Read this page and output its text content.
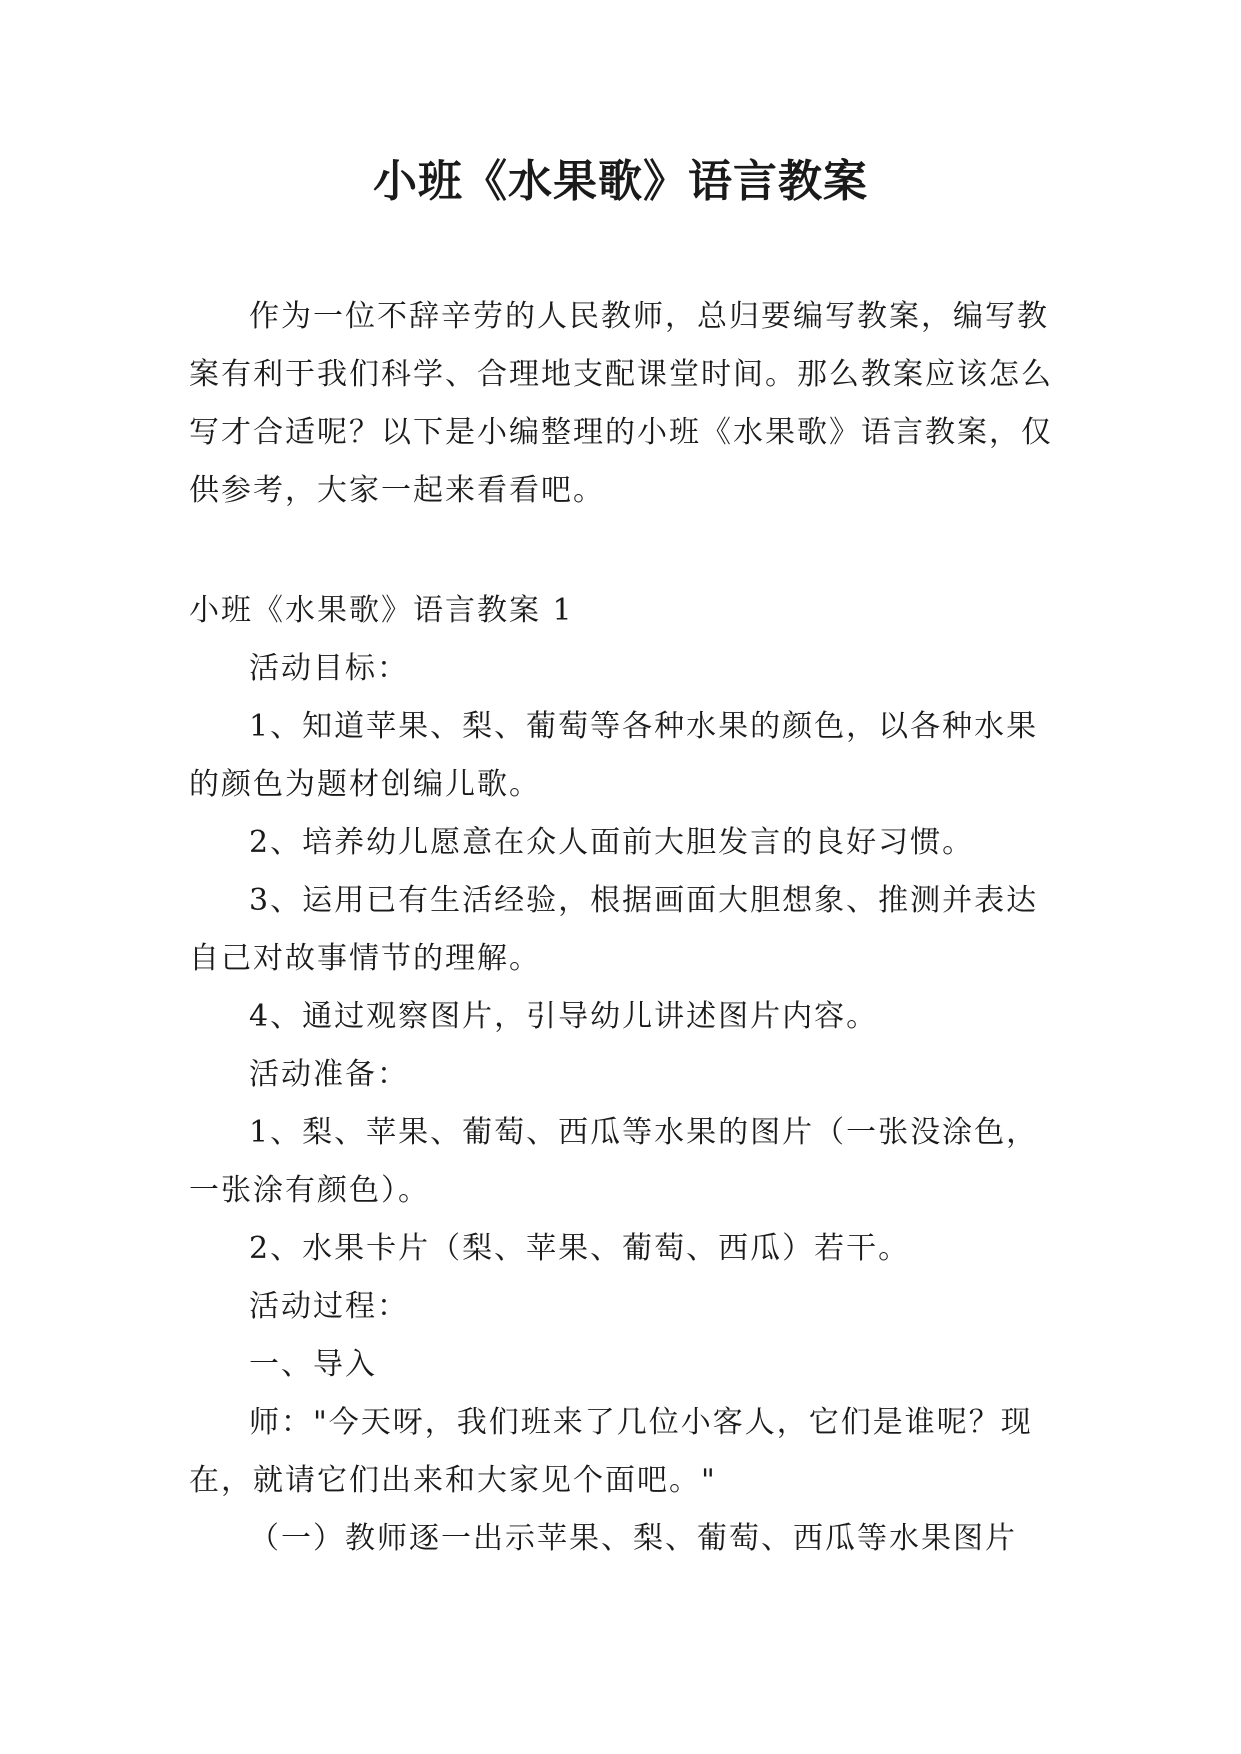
小班《水果歌》语言教案

作为一位不辞辛劳的人民教师，总归要编写教案，编写教案有利于我们科学、合理地支配课堂时间。那么教案应该怎么写才合适呢？以下是小编整理的小班《水果歌》语言教案，仅供参考，大家一起来看看吧。

小班《水果歌》语言教案 1

活动目标：

1、知道苹果、梨、葡萄等各种水果的颜色，以各种水果的颜色为题材创编儿歌。

2、培养幼儿愿意在众人面前大胆发言的良好习惯。

3、运用已有生活经验，根据画面大胆想象、推测并表达自己对故事情节的理解。

4、通过观察图片，引导幼儿讲述图片内容。

活动准备：

1、梨、苹果、葡萄、西瓜等水果的图片（一张没涂色，一张涂有颜色）。

2、水果卡片（梨、苹果、葡萄、西瓜）若干。

活动过程：

一、导入

师："今天呀，我们班来了几位小客人，它们是谁呢？现在，就请它们出来和大家见个面吧。"

（一）教师逐一出示苹果、梨、葡萄、西瓜等水果图片
